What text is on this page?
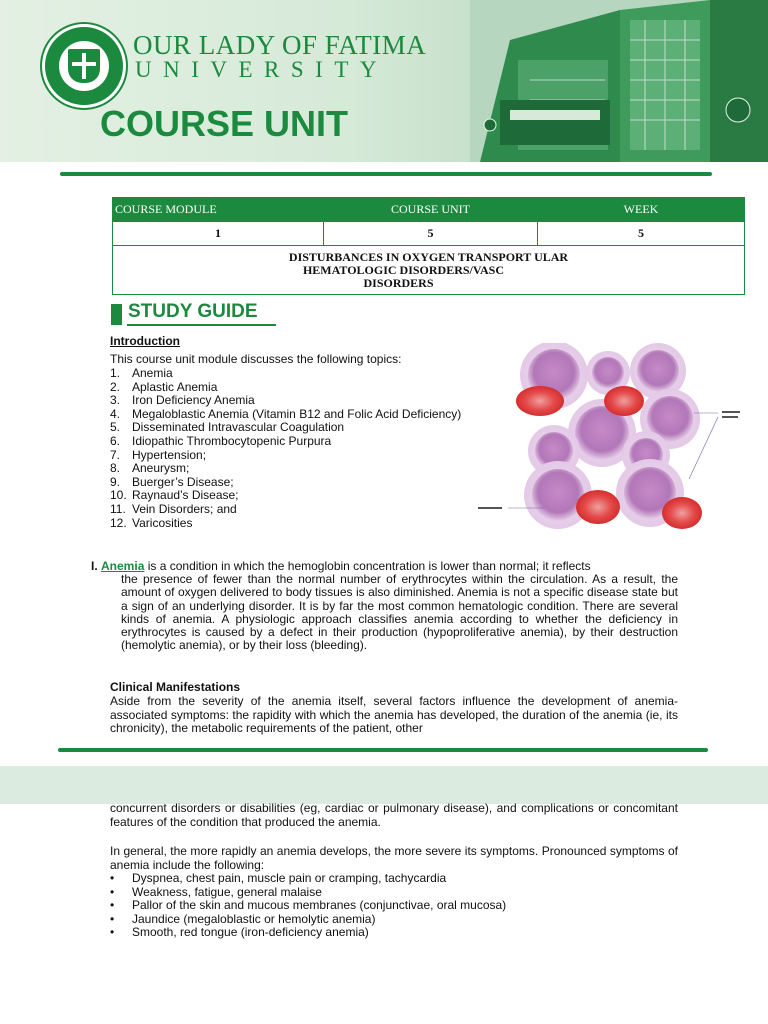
OUR LADY OF FATIMA
UNIVERSITY
COURSE UNIT
COURSE MODULE	COURSE UNIT	WEEK
1	5	5

DISTURBANCES IN OXYGEN TRANSPORT ULAR
HEMATOLOGIC DISORDERS/VASC
DISORDERS		
STUDY GUIDE
Introduction
This course unit module discusses the following topics:
1. Anemia
2. Aplastic Anemia
3. Iron Deficiency Anemia
4. Megaloblastic Anemia (Vitamin B12 and Folic Acid Deficiency)
5. Disseminated Intravascular Coagulation
6. Idiopathic Thrombocytopenic Purpura
7. Hypertension;
8. Aneurysm;
9. Buerger’s Disease;
10. Raynaud’s Disease;
11. Vein Disorders; and
12. Varicosities
I. Anemia is a condition in which the hemoglobin concentration is lower than normal; it reflects
the presence of fewer than the normal number of erythrocytes within the circulation. As a result, the amount of oxygen delivered to body tissues is also diminished. Anemia is not a specific disease state but a sign of an underlying disorder. It is by far the most common hematologic condition. There are several kinds of anemia. A physiologic approach classifies anemia according to whether the deficiency in erythrocytes is caused by a defect in their production (hypoproliferative anemia), by their destruction (hemolytic anemia), or by their loss (bleeding).
Clinical Manifestations
Aside from the severity of the anemia itself, several factors influence the development of anemia- associated symptoms: the rapidity with which the anemia has developed, the duration of the anemia (ie, its chronicity), the metabolic requirements of the patient, other
concurrent disorders or disabilities (eg, cardiac or pulmonary disease), and complications or concomitant features of the condition that produced the anemia.
In general, the more rapidly an anemia develops, the more severe its symptoms. Pronounced symptoms of anemia include the following:
• Dyspnea, chest pain, muscle pain or cramping, tachycardia
• Weakness, fatigue, general malaise
• Pallor of the skin and mucous membranes (conjunctivae, oral mucosa)
• Jaundice (megaloblastic or hemolytic anemia)
• Smooth, red tongue (iron-deficiency anemia)
